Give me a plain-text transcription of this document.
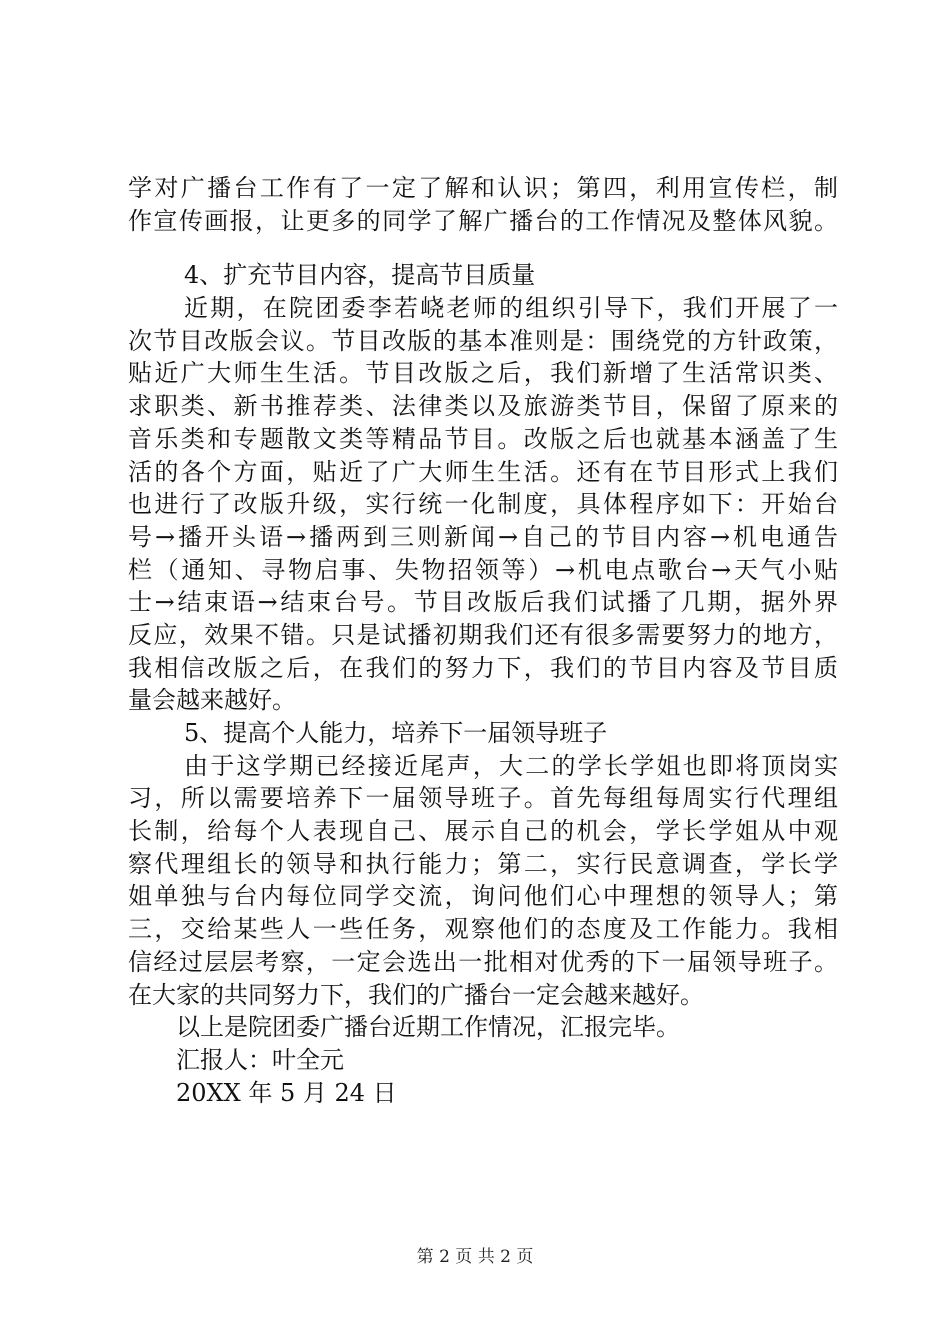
学对广播台工作有了一定了解和认识；第四，利用宣传栏，制
作宣传画报，让更多的同学了解广播台的工作情况及整体风貌。
4、扩充节目内容，提高节目质量
近期，在院团委李若峣老师的组织引导下，我们开展了一
次节目改版会议。节目改版的基本准则是：围绕党的方针政策，
贴近广大师生生活。节目改版之后，我们新增了生活常识类、
求职类、新书推荐类、法律类以及旅游类节目，保留了原来的
音乐类和专题散文类等精品节目。改版之后也就基本涵盖了生
活的各个方面，贴近了广大师生生活。还有在节目形式上我们
也进行了改版升级，实行统一化制度，具体程序如下：开始台
号→播开头语→播两到三则新闻→自己的节目内容→机电通告
栏（通知、寻物启事、失物招领等）→机电点歌台→天气小贴
士→结束语→结束台号。节目改版后我们试播了几期，据外界
反应，效果不错。只是试播初期我们还有很多需要努力的地方，
我相信改版之后，在我们的努力下，我们的节目内容及节目质
量会越来越好。
5、提高个人能力，培养下一届领导班子
由于这学期已经接近尾声，大二的学长学姐也即将顶岗实
习，所以需要培养下一届领导班子。首先每组每周实行代理组
长制，给每个人表现自己、展示自己的机会，学长学姐从中观
察代理组长的领导和执行能力；第二，实行民意调查，学长学
姐单独与台内每位同学交流，询问他们心中理想的领导人；第
三，交给某些人一些任务，观察他们的态度及工作能力。我相
信经过层层考察，一定会选出一批相对优秀的下一届领导班子。
在大家的共同努力下，我们的广播台一定会越来越好。
以上是院团委广播台近期工作情况，汇报完毕。
汇报人：叶全元
20XX 年 5 月 24 日
第 2 页 共 2 页
